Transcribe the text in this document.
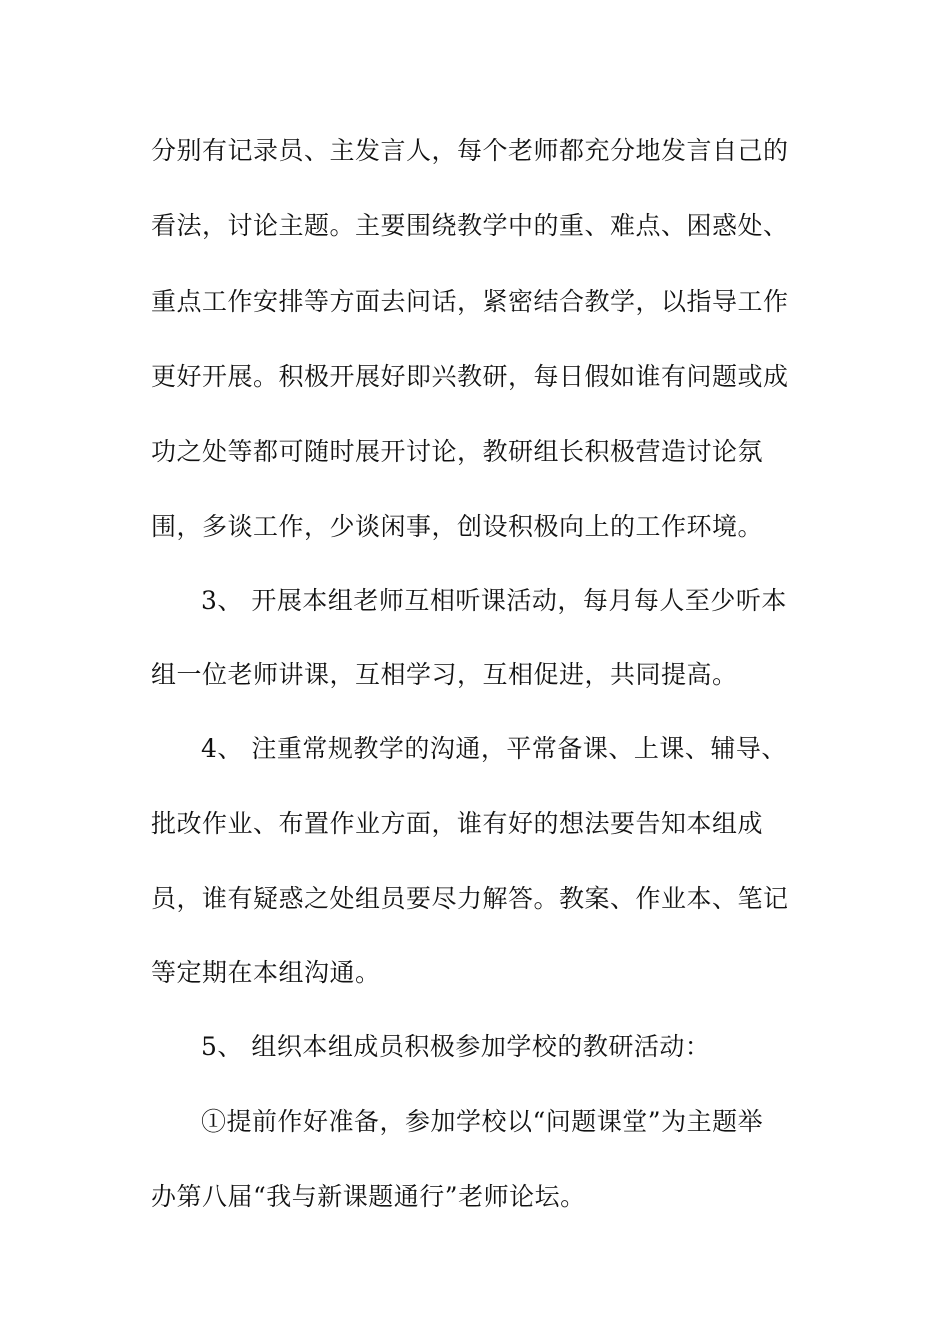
分别有记录员、主发言人，每个老师都充分地发言自己的
看法，讨论主题。主要围绕教学中的重、难点、困惑处、
重点工作安排等方面去问话，紧密结合教学，以指导工作
更好开展。积极开展好即兴教研，每日假如谁有问题或成
功之处等都可随时展开讨论，教研组长积极营造讨论氛
围，多谈工作，少谈闲事，创设积极向上的工作环境。
3、 开展本组老师互相听课活动，每月每人至少听本
组一位老师讲课，互相学习，互相促进，共同提高。
4、 注重常规教学的沟通，平常备课、上课、辅导、
批改作业、布置作业方面，谁有好的想法要告知本组成
员，谁有疑惑之处组员要尽力解答。教案、作业本、笔记
等定期在本组沟通。
5、 组织本组成员积极参加学校的教研活动：
①提前作好准备，参加学校以“问题课堂”为主题举
办第八届“我与新课题通行”老师论坛。
